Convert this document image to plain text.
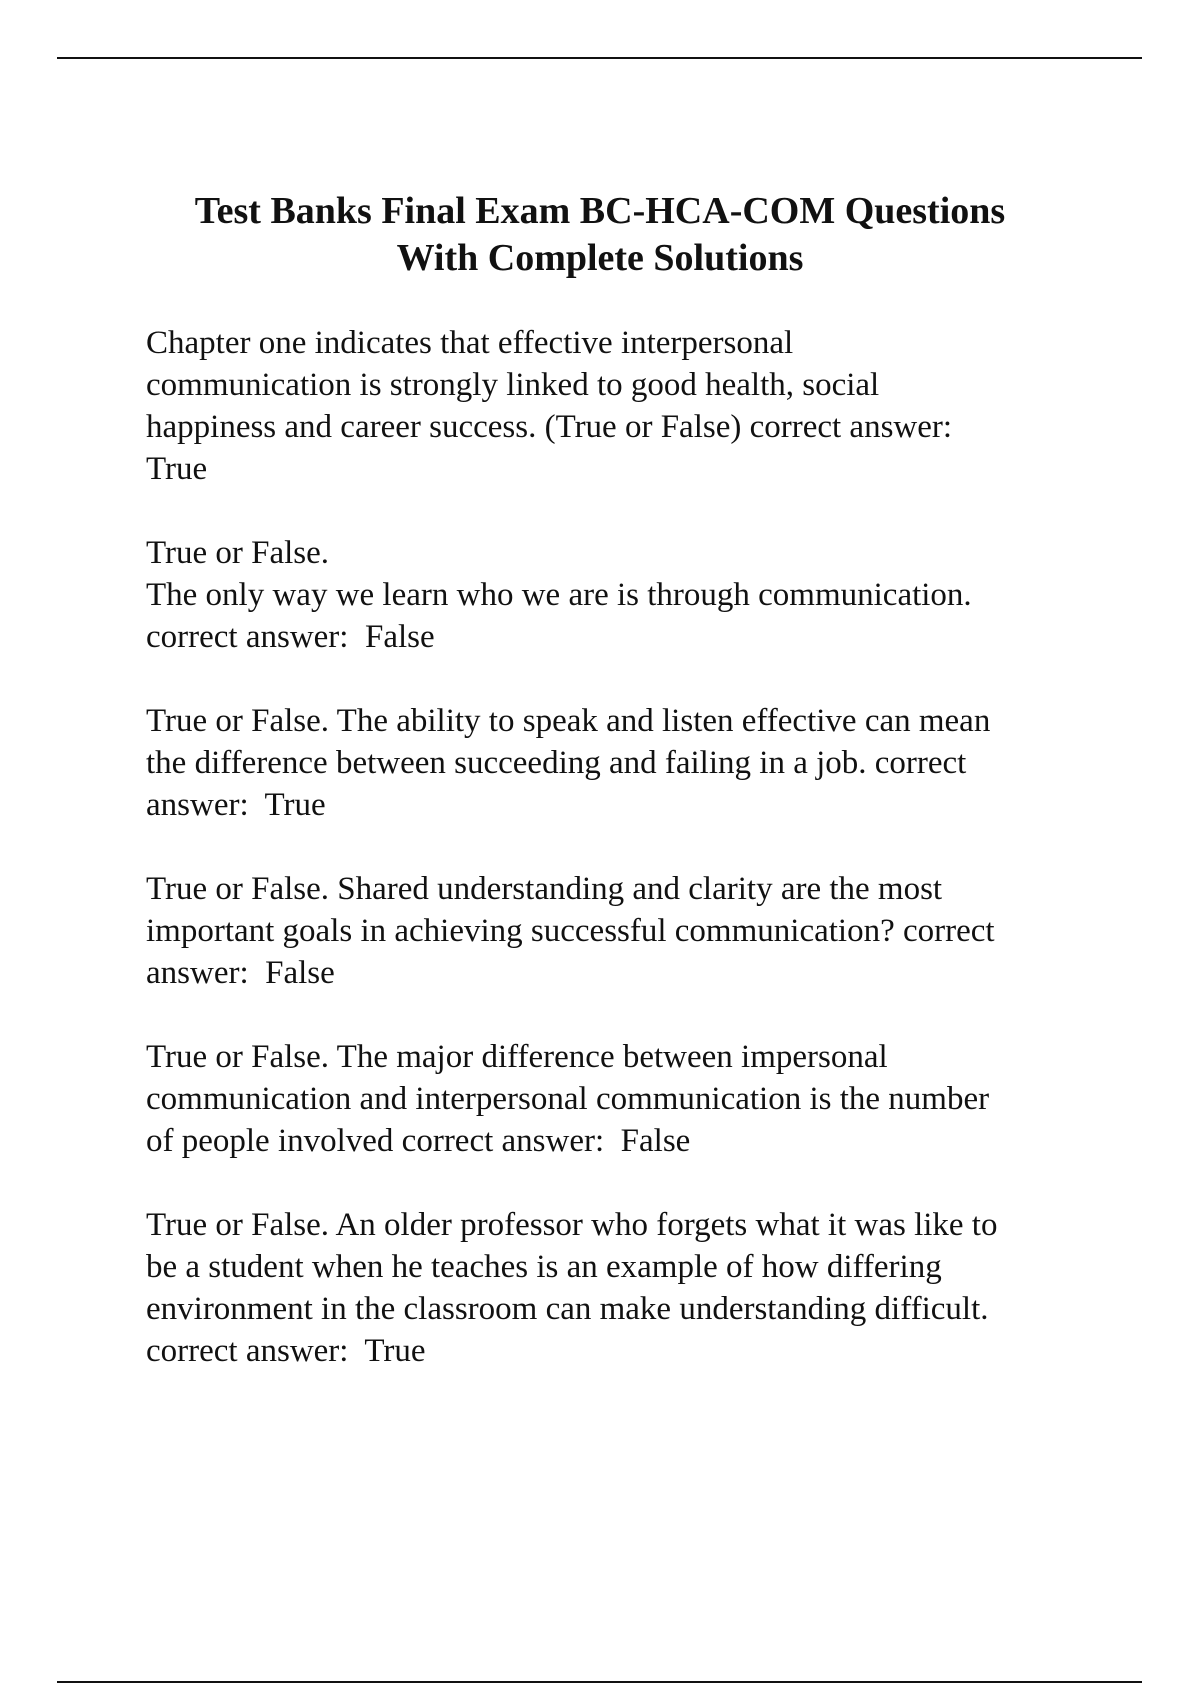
Test Banks Final Exam BC-HCA-COM Questions
With Complete Solutions
Chapter one indicates that effective interpersonal
communication is strongly linked to good health, social
happiness and career success. (True or False) correct answer:
True
True or False.
The only way we learn who we are is through communication.
correct answer:  False
True or False. The ability to speak and listen effective can mean
the difference between succeeding and failing in a job. correct
answer:  True
True or False. Shared understanding and clarity are the most
important goals in achieving successful communication? correct
answer:  False
True or False. The major difference between impersonal
communication and interpersonal communication is the number
of people involved correct answer:  False
True or False. An older professor who forgets what it was like to
be a student when he teaches is an example of how differing
environment in the classroom can make understanding difficult.
correct answer:  True
